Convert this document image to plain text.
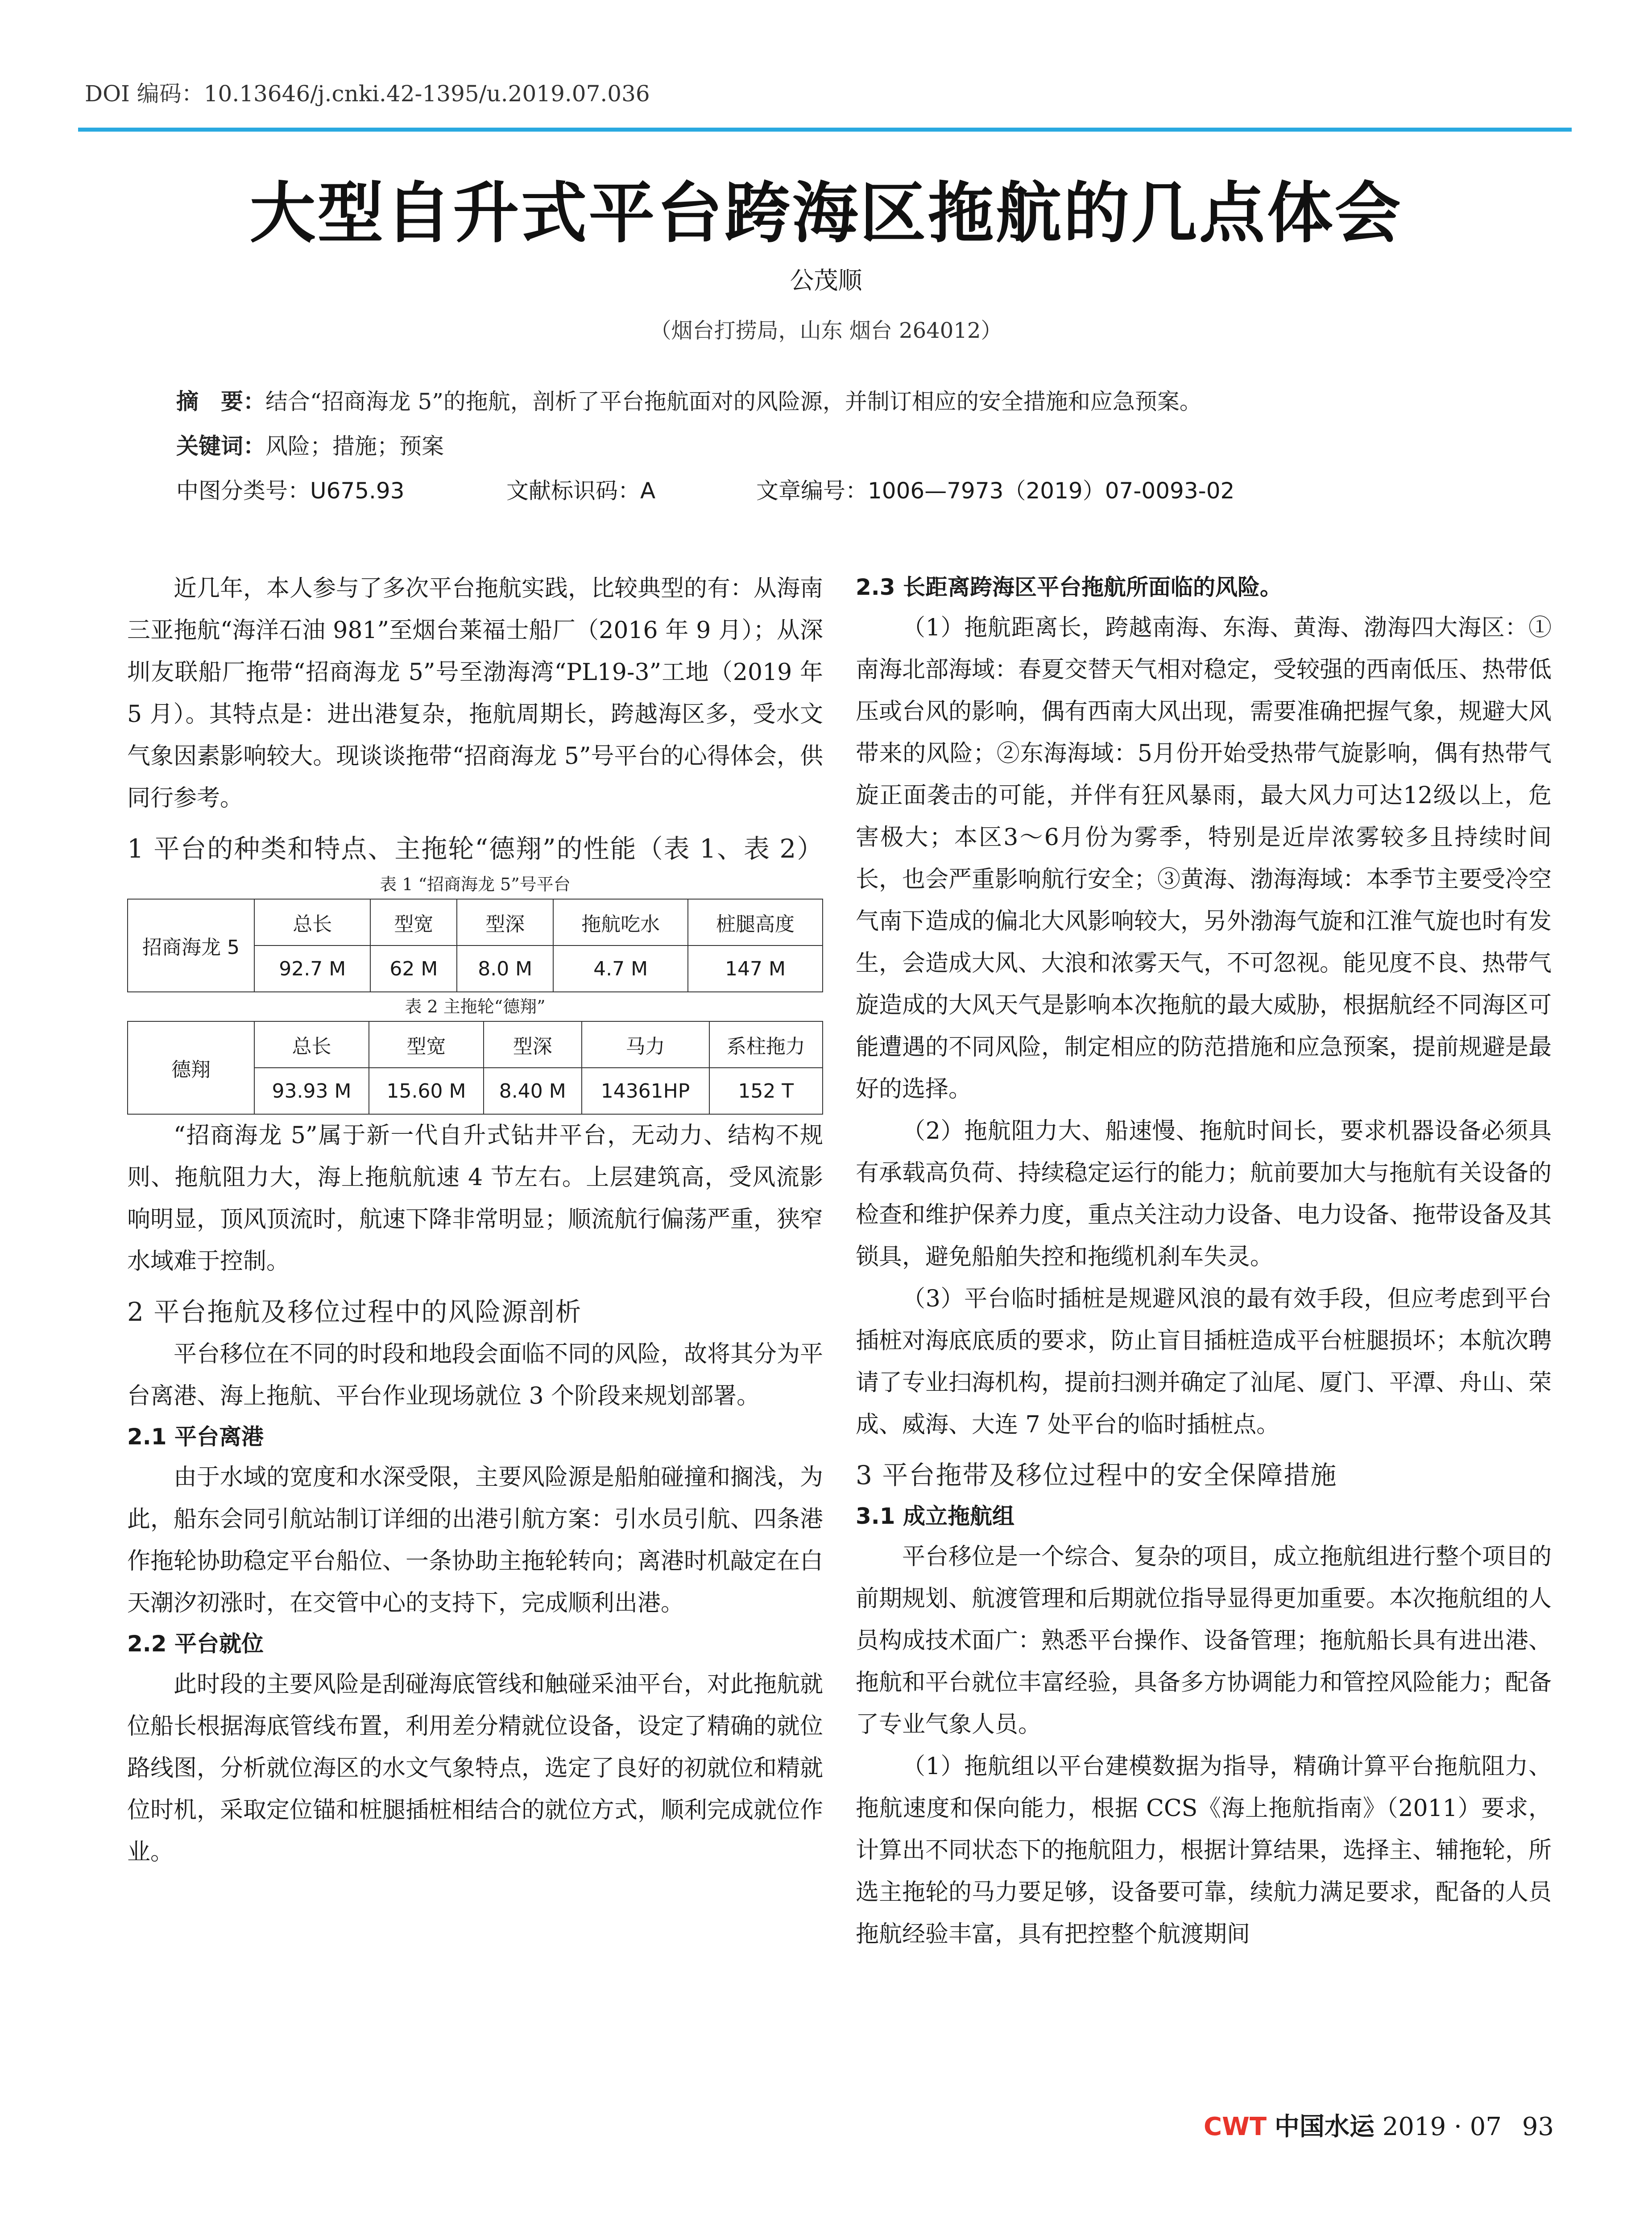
DOI 编码：10.13646/j.cnki.42-1395/u.2019.07.036
大型自升式平台跨海区拖航的几点体会
公茂顺
（烟台打捞局，山东 烟台 264012）
摘　要：结合“招商海龙 5”的拖航，剖析了平台拖航面对的风险源，并制订相应的安全措施和应急预案。
关键词：风险；措施；预案
中图分类号：U675.93	文献标识码：A	文章编号：1006—7973（2019）07-0093-02

近几年，本人参与了多次平台拖航实践，比较典型的有：从海南三亚拖航“海洋石油 981”至烟台莱福士船厂（2016 年 9 月）；从深圳友联船厂拖带“招商海龙 5”号至渤海湾“PL19-3”工地（2019 年 5 月）。其特点是：进出港复杂，拖航周期长，跨越海区多，受水文气象因素影响较大。现谈谈拖带“招商海龙 5”号平台的心得体会，供同行参考。

1 平台的种类和特点、主拖轮“德翔”的性能（表 1、表 2）

表 1 “招商海龙 5”号平台
招商海龙 5	总长	型宽	型深	拖航吃水	桩腿高度
	92.7 M	62 M	8.0 M	4.7 M	147 M
表 2 主拖轮“德翔”
德翔	总长	型宽	型深	马力	系柱拖力
	93.93 M	15.60 M	8.40 M	14361HP	152 T

“招商海龙 5”属于新一代自升式钻井平台，无动力、结构不规则、拖航阻力大，海上拖航航速 4 节左右。上层建筑高，受风流影响明显，顶风顶流时，航速下降非常明显；顺流航行偏荡严重，狭窄水域难于控制。

2 平台拖航及移位过程中的风险源剖析

平台移位在不同的时段和地段会面临不同的风险，故将其分为平台离港、海上拖航、平台作业现场就位 3 个阶段来规划部署。

2.1 平台离港

由于水域的宽度和水深受限，主要风险源是船舶碰撞和搁浅，为此，船东会同引航站制订详细的出港引航方案：引水员引航、四条港作拖轮协助稳定平台船位、一条协助主拖轮转向；离港时机敲定在白天潮汐初涨时，在交管中心的支持下，完成顺利出港。

2.2 平台就位

此时段的主要风险是刮碰海底管线和触碰采油平台，对此拖航就位船长根据海底管线布置，利用差分精就位设备，设定了精确的就位路线图，分析就位海区的水文气象特点，选定了良好的初就位和精就位时机，采取定位锚和桩腿插桩相结合的就位方式，顺利完成就位作业。

2.3 长距离跨海区平台拖航所面临的风险。

（1）拖航距离长，跨越南海、东海、黄海、渤海四大海区：①南海北部海域：春夏交替天气相对稳定，受较强的西南低压、热带低压或台风的影响，偶有西南大风出现，需要准确把握气象，规避大风带来的风险；②东海海域：5月份开始受热带气旋影响，偶有热带气旋正面袭击的可能，并伴有狂风暴雨，最大风力可达12级以上，危害极大；本区3～6月份为雾季，特别是近岸浓雾较多且持续时间长，也会严重影响航行安全；③黄海、渤海海域：本季节主要受冷空气南下造成的偏北大风影响较大，另外渤海气旋和江淮气旋也时有发生，会造成大风、大浪和浓雾天气，不可忽视。能见度不良、热带气旋造成的大风天气是影响本次拖航的最大威胁，根据航经不同海区可能遭遇的不同风险，制定相应的防范措施和应急预案，提前规避是最好的选择。

（2）拖航阻力大、船速慢、拖航时间长，要求机器设备必须具有承载高负荷、持续稳定运行的能力；航前要加大与拖航有关设备的检查和维护保养力度，重点关注动力设备、电力设备、拖带设备及其锁具，避免船舶失控和拖缆机刹车失灵。

（3）平台临时插桩是规避风浪的最有效手段，但应考虑到平台插桩对海底底质的要求，防止盲目插桩造成平台桩腿损坏；本航次聘请了专业扫海机构，提前扫测并确定了汕尾、厦门、平潭、舟山、荣成、威海、大连 7 处平台的临时插桩点。

3 平台拖带及移位过程中的安全保障措施

3.1 成立拖航组

平台移位是一个综合、复杂的项目，成立拖航组进行整个项目的前期规划、航渡管理和后期就位指导显得更加重要。本次拖航组的人员构成技术面广：熟悉平台操作、设备管理；拖航船长具有进出港、拖航和平台就位丰富经验，具备多方协调能力和管控风险能力；配备了专业气象人员。

（1）拖航组以平台建模数据为指导，精确计算平台拖航阻力、拖航速度和保向能力，根据 CCS《海上拖航指南》（2011）要求，计算出不同状态下的拖航阻力，根据计算结果，选择主、辅拖轮，所选主拖轮的马力要足够，设备要可靠，续航力满足要求，配备的人员拖航经验丰富，具有把控整个航渡期间

CWT 中国水运 2019 · 07 93
